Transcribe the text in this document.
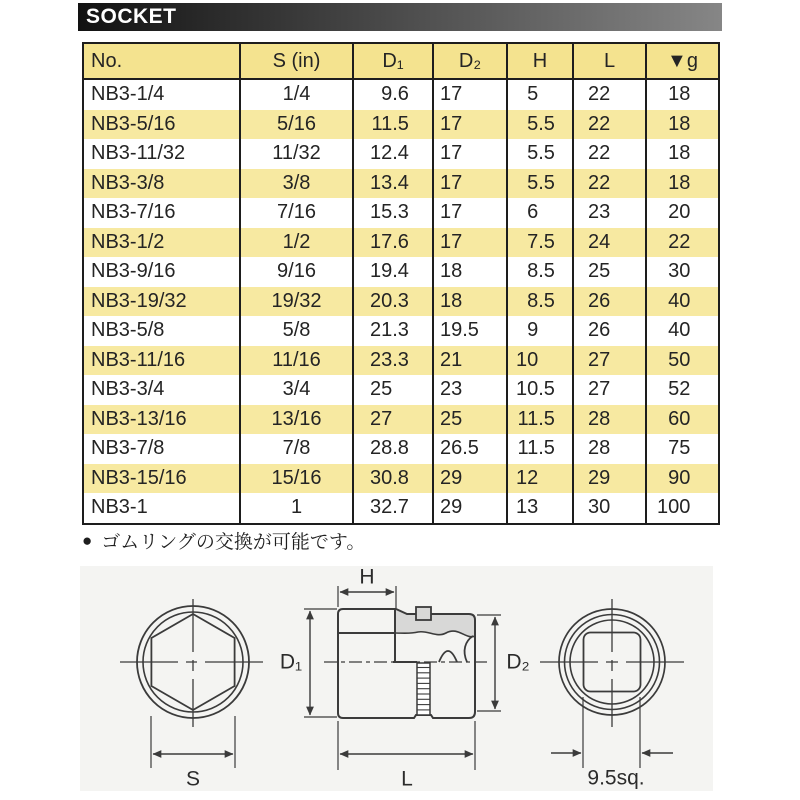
SOCKET
No.	S (in)	D₁	D₂	H	L	▼g
NB3-1/4	1/4	9.6	17	5	22	18
NB3-5/16	5/16	11.5	17	5.5	22	18
NB3-11/32	11/32	12.4	17	5.5	22	18
NB3-3/8	3/8	13.4	17	5.5	22	18
NB3-7/16	7/16	15.3	17	6	23	20
NB3-1/2	1/2	17.6	17	7.5	24	22
NB3-9/16	9/16	19.4	18	8.5	25	30
NB3-19/32	19/32	20.3	18	8.5	26	40
NB3-5/8	5/8	21.3	19.5	9	26	40
NB3-11/16	11/16	23.3	21	10	27	50
NB3-3/4	3/4	25	23	10.5	27	52
NB3-13/16	13/16	27	25	11.5	28	60
NB3-7/8	7/8	28.8	26.5	11.5	28	75
NB3-15/16	15/16	30.8	29	12	29	90
NB3-1	1	32.7	29	13	30	100
● ゴムリングの交換が可能です。
S
H
D₁	D₂
L	9.5sq.
